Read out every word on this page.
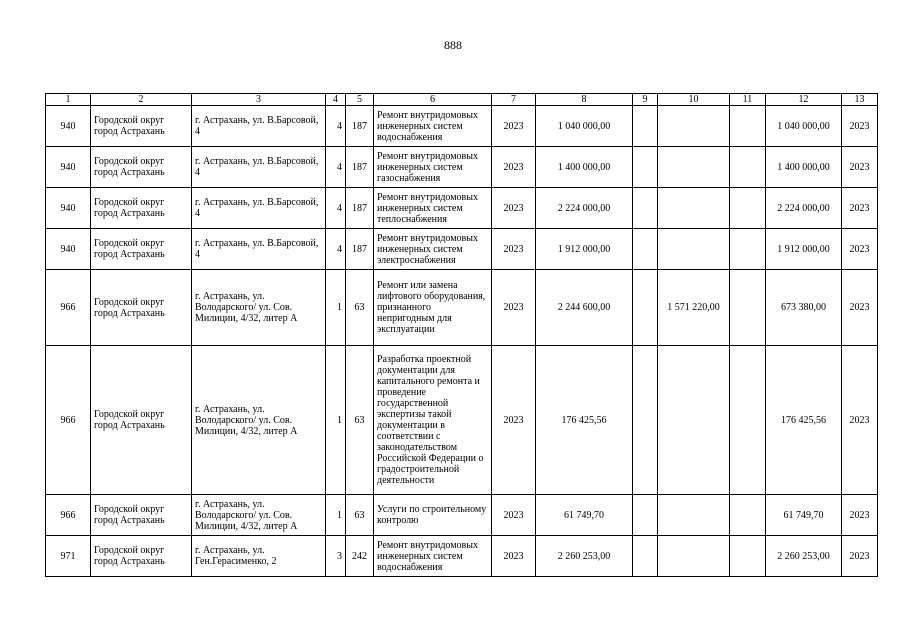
888
1	2	3	4	5	6	7	8	9	10	11	12	13
940	Городской округ город Астрахань	г. Астрахань, ул. В.Барсовой, 4	4	187	Ремонт внутридомовых инженерных систем водоснабжения	2023	1 040 000,00				1 040 000,00	2023
940	Городской округ город Астрахань	г. Астрахань, ул. В.Барсовой, 4	4	187	Ремонт внутридомовых инженерных систем газоснабжения	2023	1 400 000,00				1 400 000,00	2023
940	Городской округ город Астрахань	г. Астрахань, ул. В.Барсовой, 4	4	187	Ремонт внутридомовых инженерных систем теплоснабжения	2023	2 224 000,00				2 224 000,00	2023
940	Городской округ город Астрахань	г. Астрахань, ул. В.Барсовой, 4	4	187	Ремонт внутридомовых инженерных систем электроснабжения	2023	1 912 000,00				1 912 000,00	2023
966	Городской округ город Астрахань	г. Астрахань, ул. Володарского/ ул. Сов. Милиции, 4/32, литер А	1	63	Ремонт или замена лифтового оборудования, признанного непригодным для эксплуатации	2023	2 244 600,00		1 571 220,00		673 380,00	2023
966	Городской округ город Астрахань	г. Астрахань, ул. Володарского/ ул. Сов. Милиции, 4/32, литер А	1	63	Разработка проектной документации для капитального ремонта и проведение государственной экспертизы такой документации в соответствии с законодательством Российской Федерации о градостроительной деятельности	2023	176 425,56				176 425,56	2023
966	Городской округ город Астрахань	г. Астрахань, ул. Володарского/ ул. Сов. Милиции, 4/32, литер А	1	63	Услуги по строительному контролю	2023	61 749,70				61 749,70	2023
971	Городской округ город Астрахань	г. Астрахань, ул. Ген.Герасименко, 2	3	242	Ремонт внутридомовых инженерных систем водоснабжения	2023	2 260 253,00				2 260 253,00	2023
